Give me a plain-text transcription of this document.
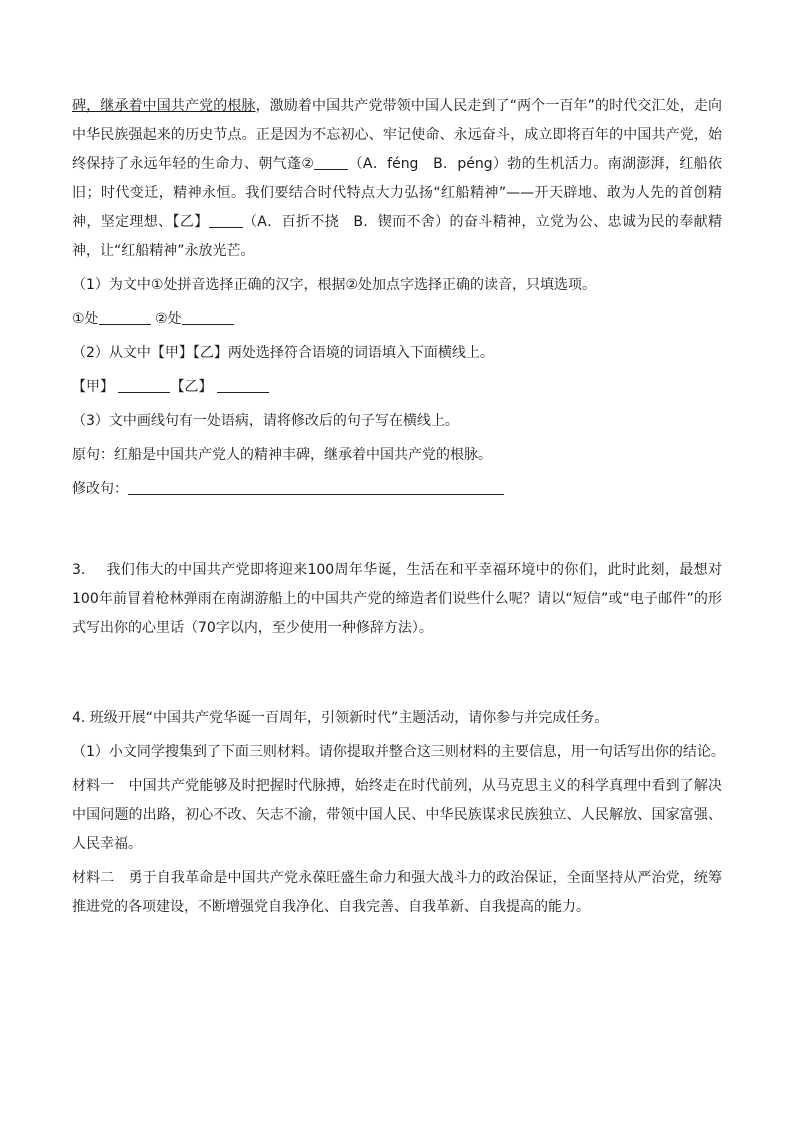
碑，继承着中国共产党的根脉，激励着中国共产党带领中国人民走到了“两个一百年”的时代交汇处，走向中华民族强起来的历史节点。正是因为不忘初心、牢记使命、永远奋斗，成立即将百年的中国共产党，始终保持了永远年轻的生命力、朝气蓬② （A．féng　B．péng）勃的生机活力。南湖澎湃，红船依旧；时代变迁，精神永恒。我们要结合时代特点大力弘扬“红船精神”——开天辟地、敢为人先的首创精神，坚定理想、【乙】 （A．百折不挠　B．锲而不舍）的奋斗精神，立党为公、忠诚为民的奉献精神，让“红船精神”永放光芒。

（1）为文中①处拼音选择正确的汉字，根据②处加点字选择正确的读音，只填选项。

①处	②处

（2）从文中【甲】【乙】两处选择符合语境的词语填入下面横线上。

【甲】	【乙】

（3）文中画线句有一处语病，请将修改后的句子写在横线上。

原句：红船是中国共产党人的精神丰碑，继承着中国共产党的根脉。

修改句：

3. 我们伟大的中国共产党即将迎来100周年华诞，生活在和平幸福环境中的你们，此时此刻，最想对100年前冒着枪林弹雨在南湖游船上的中国共产党的缔造者们说些什么呢？请以“短信”或“电子邮件”的形式写出你的心里话（70字以内，至少使用一种修辞方法）。

4. 班级开展“中国共产党华诞一百周年，引领新时代”主题活动，请你参与并完成任务。

（1）小文同学搜集到了下面三则材料。请你提取并整合这三则材料的主要信息，用一句话写出你的结论。

材料一　中国共产党能够及时把握时代脉搏，始终走在时代前列，从马克思主义的科学真理中看到了解决中国问题的出路，初心不改、矢志不渝，带领中国人民、中华民族谋求民族独立、人民解放、国家富强、人民幸福。

材料二　勇于自我革命是中国共产党永葆旺盛生命力和强大战斗力的政治保证，全面坚持从严治党，统筹推进党的各项建设，不断增强党自我净化、自我完善、自我革新、自我提高的能力。
